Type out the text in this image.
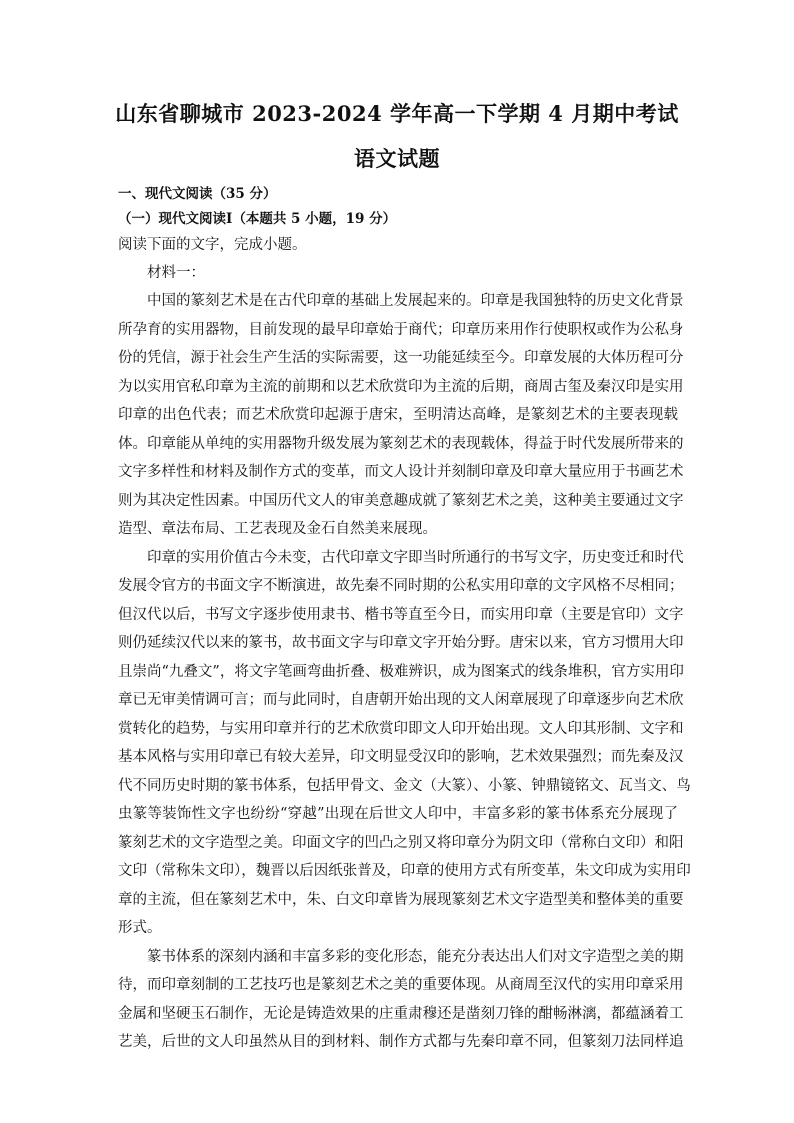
山东省聊城市 2023-2024 学年高一下学期 4 月期中考试
语文试题
一、现代文阅读（35 分）
（一）现代文阅读Ⅰ（本题共 5 小题，19 分）
阅读下面的文字，完成小题。
材料一：
中国的篆刻艺术是在古代印章的基础上发展起来的。印章是我国独特的历史文化背景
所孕育的实用器物，目前发现的最早印章始于商代；印章历来用作行使职权或作为公私身
份的凭信，源于社会生产生活的实际需要，这一功能延续至今。印章发展的大体历程可分
为以实用官私印章为主流的前期和以艺术欣赏印为主流的后期，商周古玺及秦汉印是实用
印章的出色代表；而艺术欣赏印起源于唐宋，至明清达高峰，是篆刻艺术的主要表现载
体。印章能从单纯的实用器物升级发展为篆刻艺术的表现载体，得益于时代发展所带来的
文字多样性和材料及制作方式的变革，而文人设计并刻制印章及印章大量应用于书画艺术
则为其决定性因素。中国历代文人的审美意趣成就了篆刻艺术之美，这种美主要通过文字
造型、章法布局、工艺表现及金石自然美来展现。
印章的实用价值古今未变，古代印章文字即当时所通行的书写文字，历史变迁和时代
发展令官方的书面文字不断演进，故先秦不同时期的公私实用印章的文字风格不尽相同；
但汉代以后，书写文字逐步使用隶书、楷书等直至今日，而实用印章（主要是官印）文字
则仍延续汉代以来的篆书，故书面文字与印章文字开始分野。唐宋以来，官方习惯用大印
且崇尚“九叠文”，将文字笔画弯曲折叠、极难辨识，成为图案式的线条堆积，官方实用印
章已无审美情调可言；而与此同时，自唐朝开始出现的文人闲章展现了印章逐步向艺术欣
赏转化的趋势，与实用印章并行的艺术欣赏印即文人印开始出现。文人印其形制、文字和
基本风格与实用印章已有较大差异，印文明显受汉印的影响，艺术效果强烈；而先秦及汉
代不同历史时期的篆书体系，包括甲骨文、金文（大篆）、小篆、钟鼎镜铭文、瓦当文、鸟
虫篆等装饰性文字也纷纷“穿越”出现在后世文人印中，丰富多彩的篆书体系充分展现了
篆刻艺术的文字造型之美。印面文字的凹凸之别又将印章分为阴文印（常称白文印）和阳
文印（常称朱文印），魏晋以后因纸张普及，印章的使用方式有所变革，朱文印成为实用印
章的主流，但在篆刻艺术中，朱、白文印章皆为展现篆刻艺术文字造型美和整体美的重要
形式。
篆书体系的深刻内涵和丰富多彩的变化形态，能充分表达出人们对文字造型之美的期
待，而印章刻制的工艺技巧也是篆刻艺术之美的重要体现。从商周至汉代的实用印章采用
金属和坚硬玉石制作，无论是铸造效果的庄重肃穆还是凿刻刀锋的酣畅淋漓，都蕴涵着工
艺美，后世的文人印虽然从目的到材料、制作方式都与先秦印章不同，但篆刻刀法同样追
